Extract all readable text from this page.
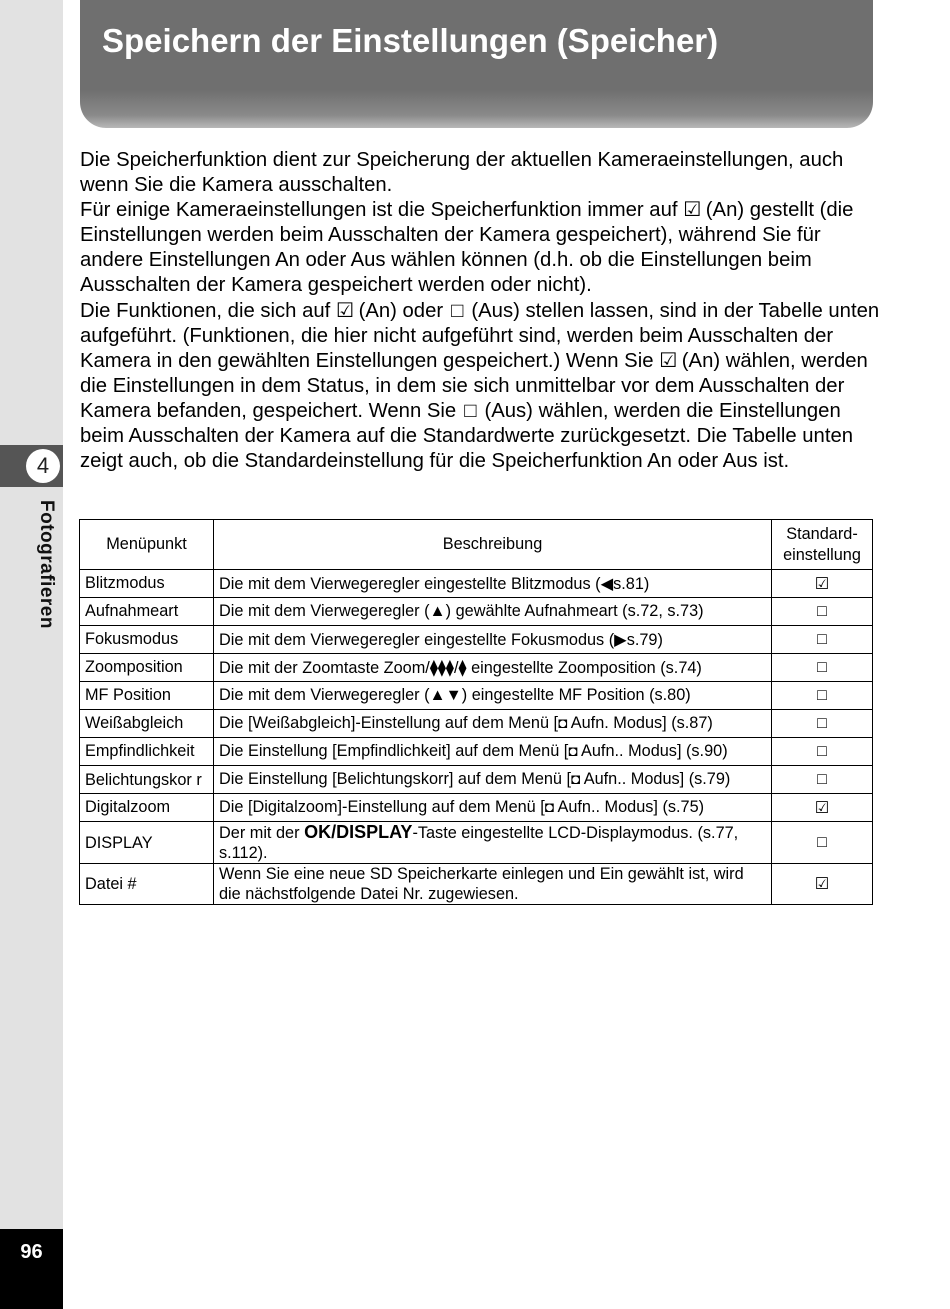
4
Fotografieren
96
Speichern der Einstellungen (Speicher)

Die Speicherfunktion dient zur Speicherung der aktuellen Kameraeinstellungen, auch wenn Sie die Kamera ausschalten.

Für einige Kameraeinstellungen ist die Speicherfunktion immer auf ☑ (An) gestellt (die Einstellungen werden beim Ausschalten der Kamera gespeichert), während Sie für andere Einstellungen An oder Aus wählen können (d.h. ob die Einstellungen beim Ausschalten der Kamera gespeichert werden oder nicht).

Die Funktionen, die sich auf ☑ (An) oder □ (Aus) stellen lassen, sind in der Tabelle unten aufgeführt. (Funktionen, die hier nicht aufgeführt sind, werden beim Ausschalten der Kamera in den gewählten Einstellungen gespeichert.) Wenn Sie ☑ (An) wählen, werden die Einstellungen in dem Status, in dem sie sich unmittelbar vor dem Ausschalten der Kamera befanden, gespeichert. Wenn Sie □ (Aus) wählen, werden die Einstellungen beim Ausschalten der Kamera auf die Standardwerte zurückgesetzt. Die Tabelle unten zeigt auch, ob die Standardeinstellung für die Speicherfunktion An oder Aus ist.

Menüpunkt	Beschreibung	Standard-einstellung
Blitzmodus	Die mit dem Vierwegeregler eingestellte Blitzmodus (◀s.81)	☑
Aufnahmeart	Die mit dem Vierwegeregler (▲) gewählte Aufnahmeart (s.72, s.73)	□
Fokusmodus	Die mit dem Vierwegeregler eingestellte Fokusmodus (▶s.79)	□
Zoomposition	Die mit der Zoomtaste Zoom/⧫⧫⧫/⧫ eingestellte Zoomposition (s.74)	□
MF Position	Die mit dem Vierwegeregler (▲▼) eingestellte MF Position (s.80)	□
Weißabgleich	Die [Weißabgleich]-Einstellung auf dem Menü [◘ Aufn. Modus] (s.87)	□
Empfindlichkeit	Die Einstellung [Empfindlichkeit] auf dem Menü [◘ Aufn.. Modus] (s.90)	□
Belichtungskor r	Die Einstellung [Belichtungskorr] auf dem Menü [◘ Aufn.. Modus] (s.79)	□
Digitalzoom	Die [Digitalzoom]-Einstellung auf dem Menü [◘ Aufn.. Modus] (s.75)	☑
DISPLAY	Der mit der OK/DISPLAY-Taste eingestellte LCD-Displaymodus. (s.77, s.112).	□
Datei #	Wenn Sie eine neue SD Speicherkarte einlegen und Ein gewählt ist, wird die nächstfolgende Datei Nr. zugewiesen.	☑
